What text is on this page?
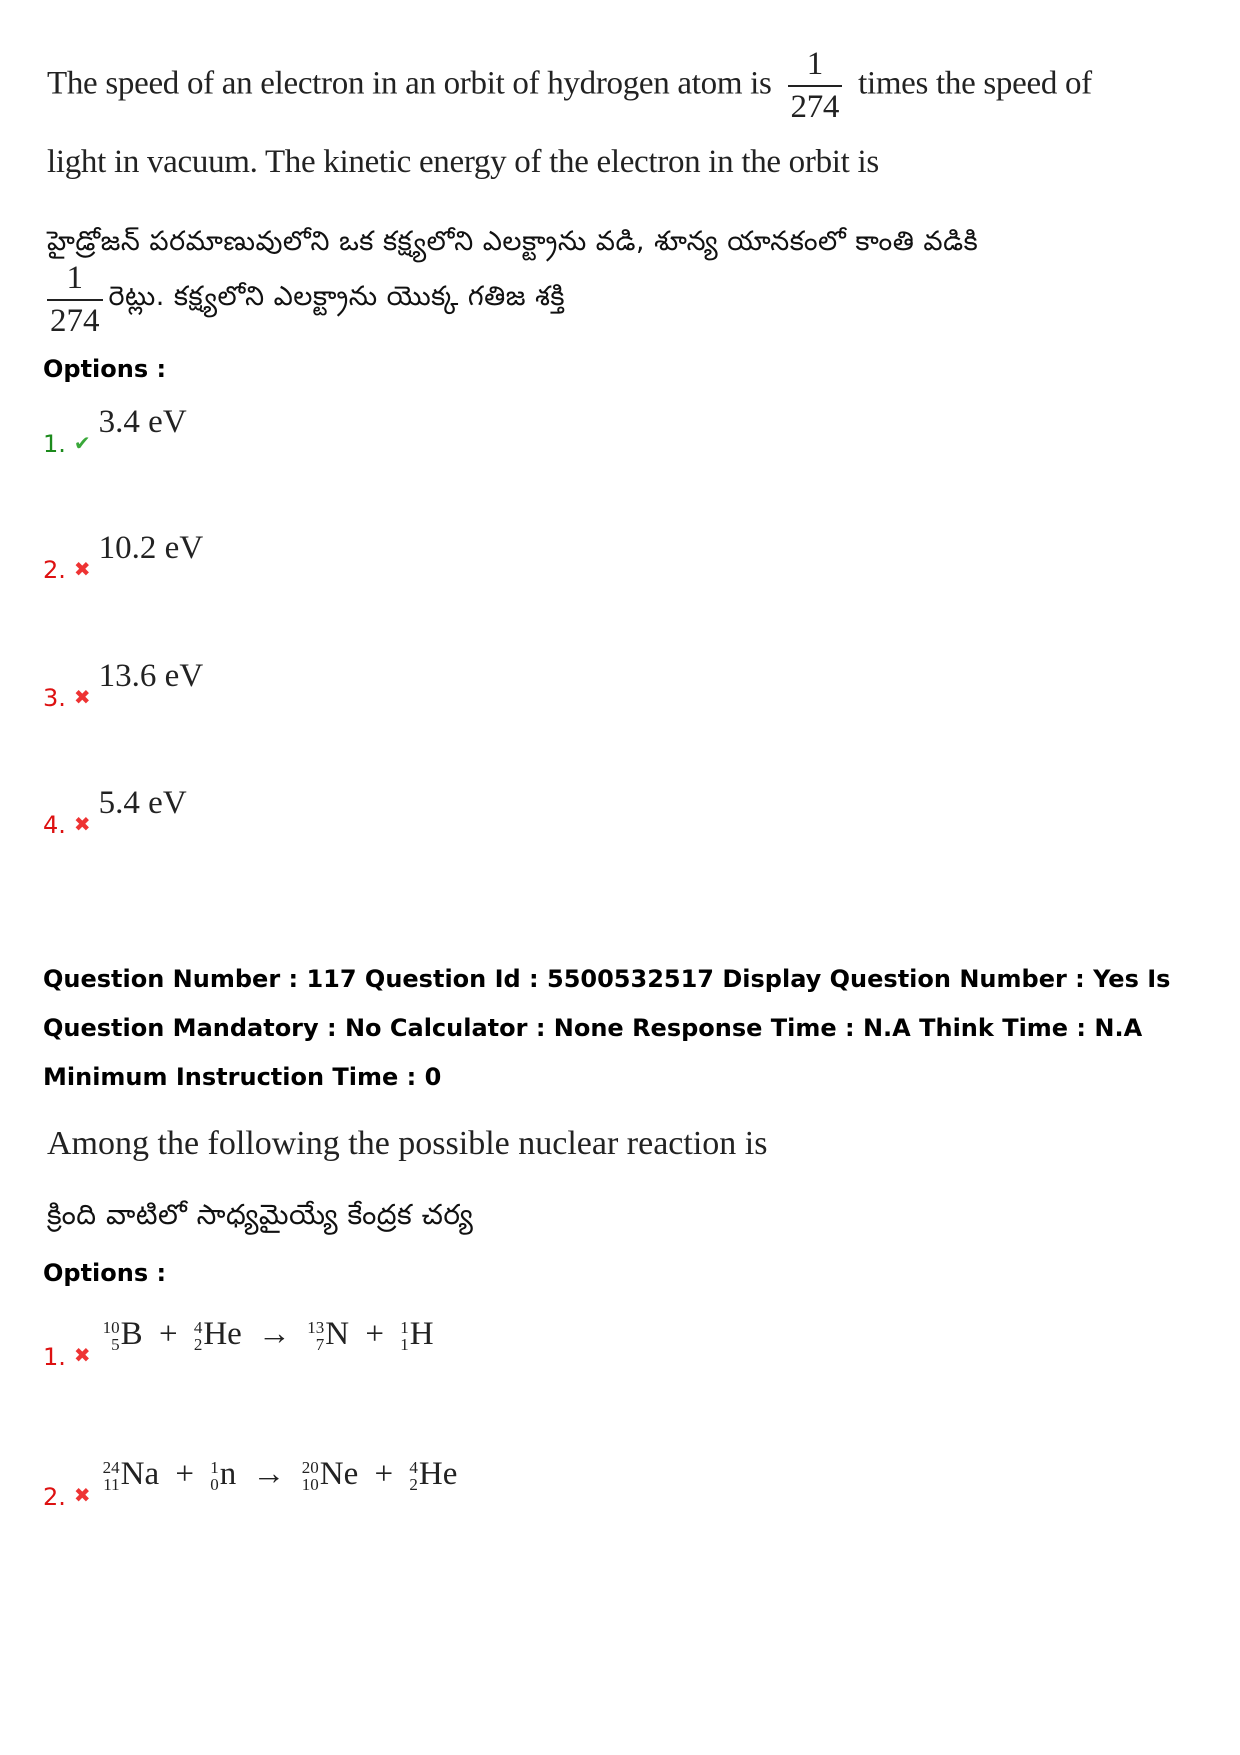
The speed of an electron in an orbit of hydrogen atom is $\frac{1}{274}$ times the speed of
light in vacuum. The kinetic energy of the electron in the orbit is
హైడ్రోజన్ పరమాణువులోని ఒక కక్ష్యలోని ఎలక్ట్రాను వడి, శూన్య యానకంలో కాంతి వడికి
$\frac{1}{274}$ రెట్లు. కక్ష్యలోని ఎలక్ట్రాను యొక్క గతిజ శక్తి
Options :
1. ✔
3.4 eV
2. ✖
10.2 eV
3. ✖
13.6 eV
4. ✖
5.4 eV
Question Number : 117 Question Id : 5500532517 Display Question Number : Yes Is Question Mandatory : No Calculator : None Response Time : N.A Think Time : N.A Minimum Instruction Time : 0
Among the following the possible nuclear reaction is
క్రింది వాటిలో సాధ్యమైయ్యే కేంద్రక చర్య
Options :
1. ✖
10
5 B + 4
2 He → 13
7 N + 1
1 H
2. ✖
24
11 Na + 1
0 n → 20
10 Ne + 4
2 He
